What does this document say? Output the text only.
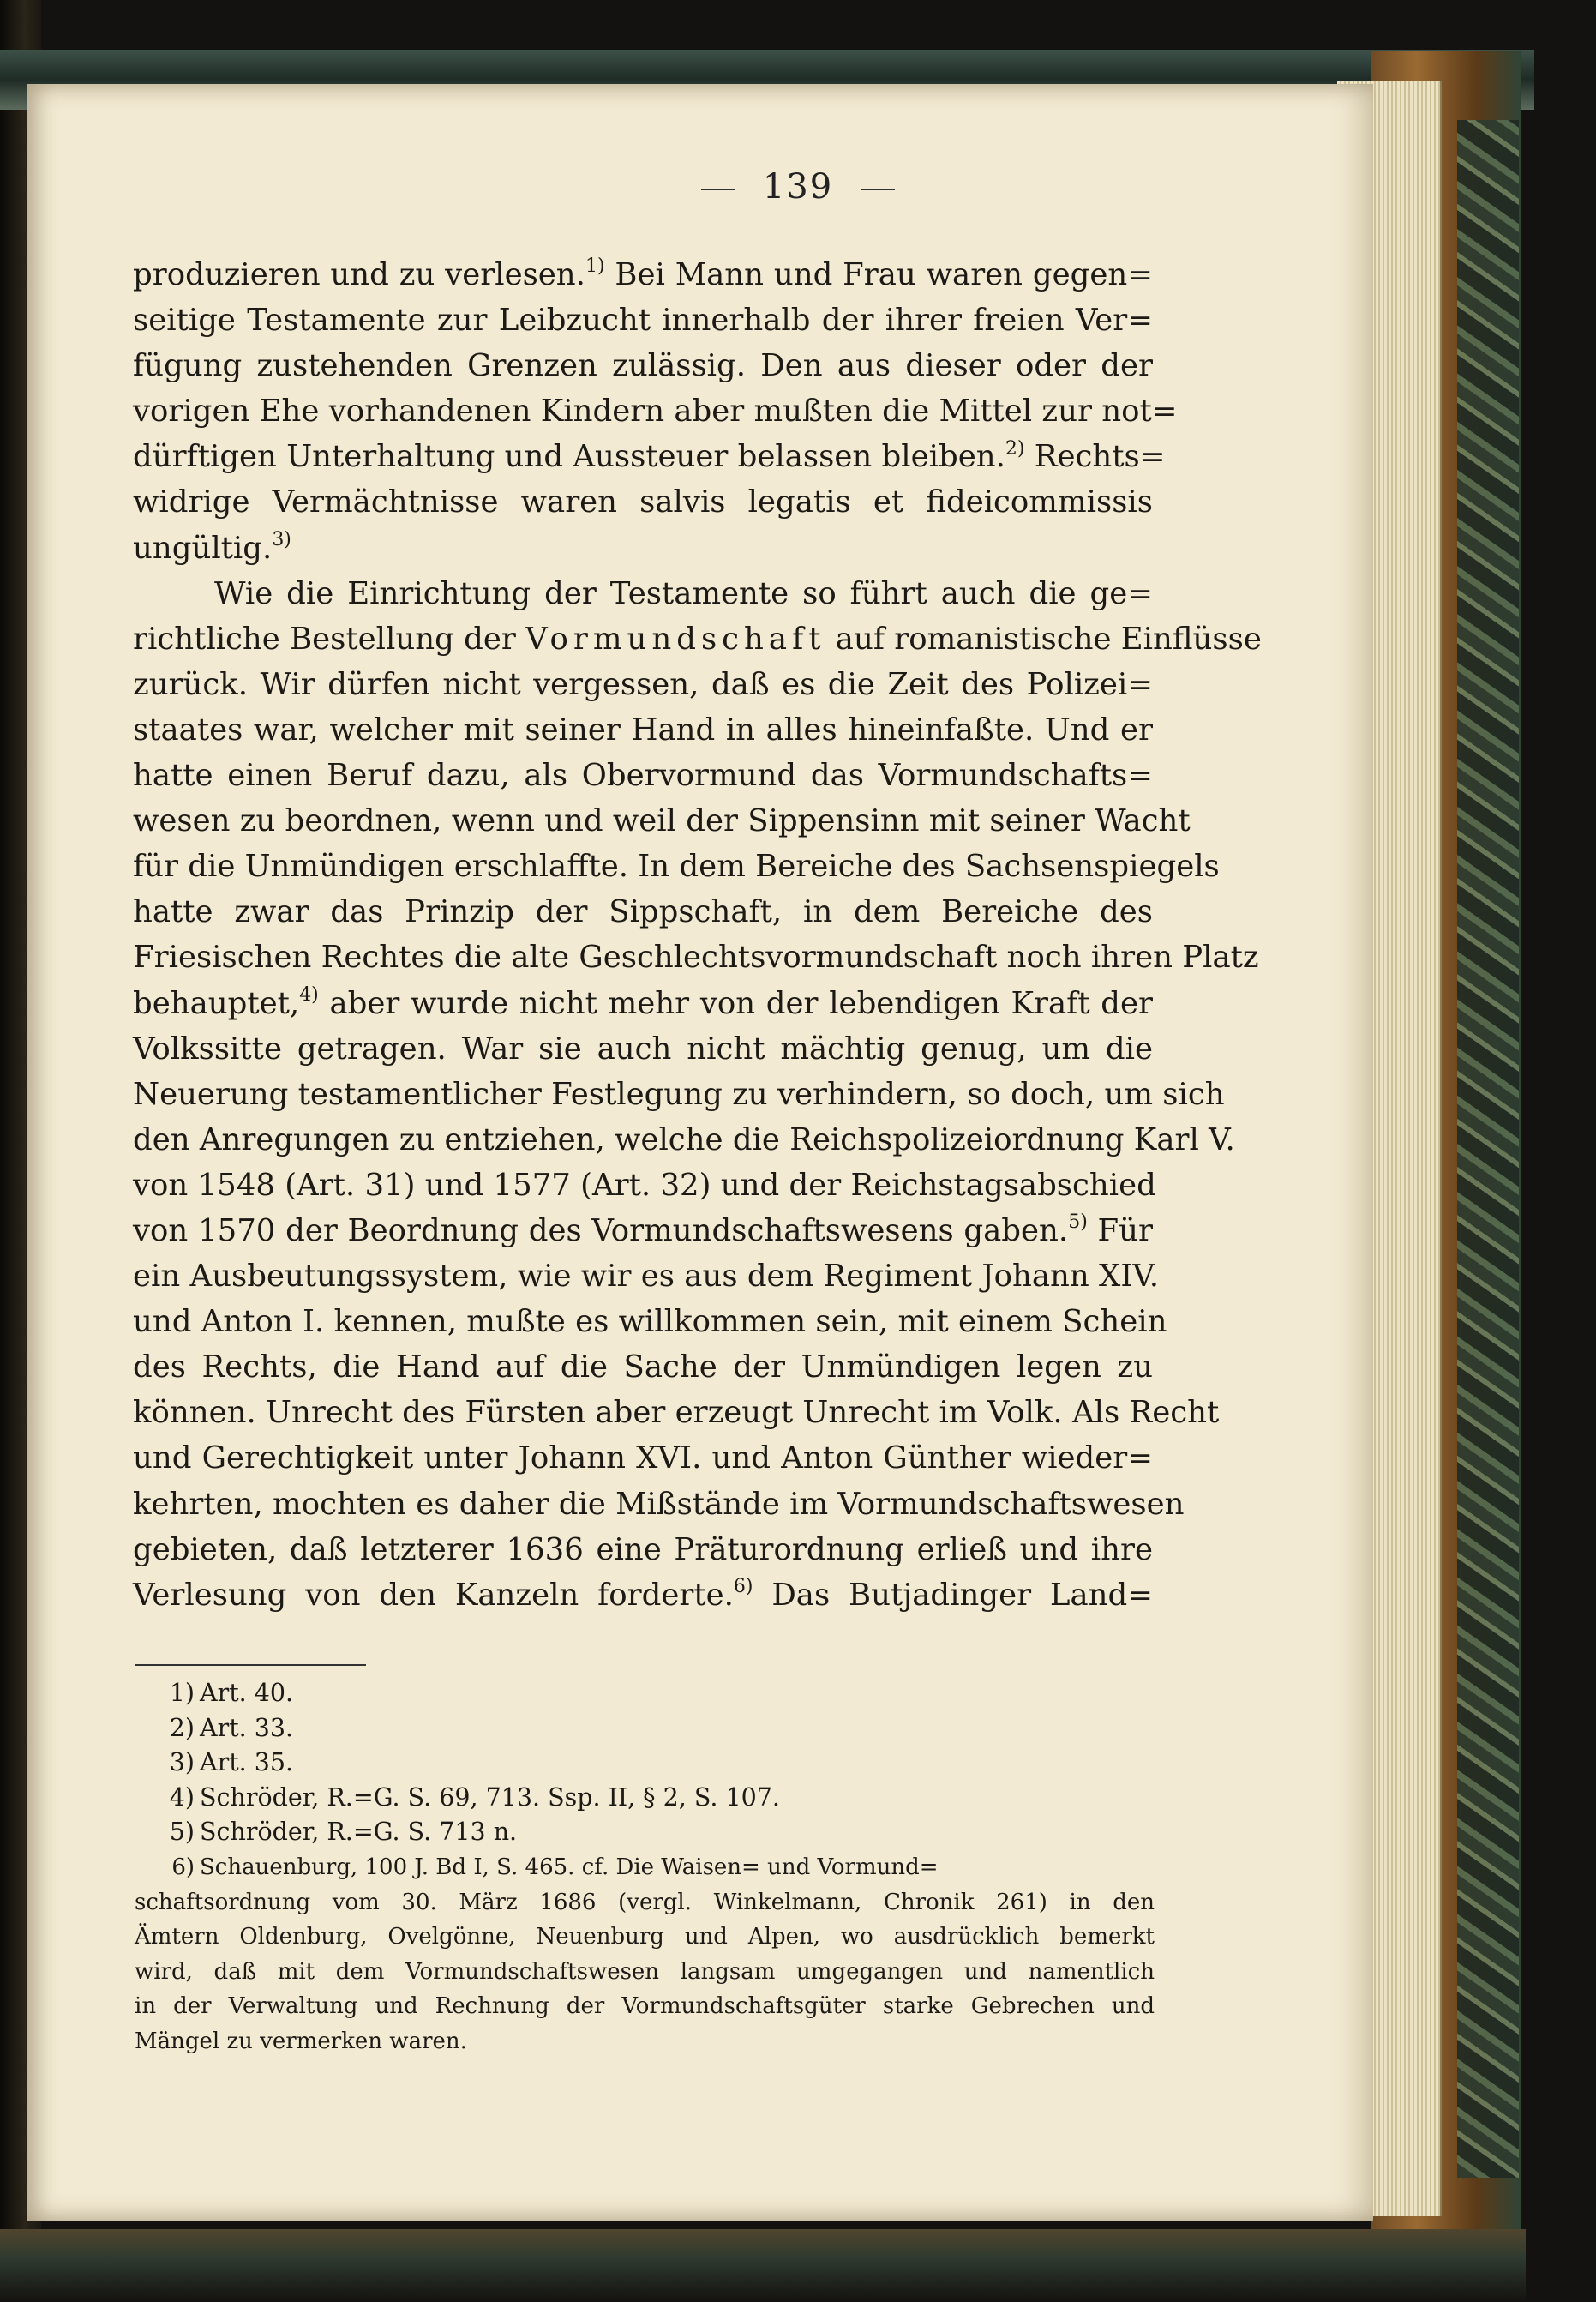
139
produzieren und zu verlesen.$^{1)}$ Bei Mann und Frau waren gegen=
seitige Testamente zur Leibzucht innerhalb der ihrer freien Ver=
fügung zustehenden Grenzen zulässig. Den aus dieser oder der
vorigen Ehe vorhandenen Kindern aber mußten die Mittel zur not=
dürftigen Unterhaltung und Aussteuer belassen bleiben.$^{2)}$ Rechts=
widrige Vermächtnisse waren salvis legatis et fideicommissis
ungültig.$^{3)}$
Wie die Einrichtung der Testamente so führt auch die ge=
richtliche Bestellung der Vormundschaft auf romanistische Einflüsse
zurück. Wir dürfen nicht vergessen, daß es die Zeit des Polizei=
staates war, welcher mit seiner Hand in alles hineinfaßte. Und er
hatte einen Beruf dazu, als Obervormund das Vormundschafts=
wesen zu beordnen, wenn und weil der Sippensinn mit seiner Wacht
für die Unmündigen erschlaffte. In dem Bereiche des Sachsenspiegels
hatte zwar das Prinzip der Sippschaft, in dem Bereiche des
Friesischen Rechtes die alte Geschlechtsvormundschaft noch ihren Platz
behauptet,$^{4)}$ aber wurde nicht mehr von der lebendigen Kraft der
Volkssitte getragen. War sie auch nicht mächtig genug, um die
Neuerung testamentlicher Festlegung zu verhindern, so doch, um sich
den Anregungen zu entziehen, welche die Reichspolizeiordnung Karl V.
von 1548 (Art. 31) und 1577 (Art. 32) und der Reichstagsabschied
von 1570 der Beordnung des Vormundschaftswesens gaben.$^{5)}$ Für
ein Ausbeutungssystem, wie wir es aus dem Regiment Johann XIV.
und Anton I. kennen, mußte es willkommen sein, mit einem Schein
des Rechts, die Hand auf die Sache der Unmündigen legen zu
können. Unrecht des Fürsten aber erzeugt Unrecht im Volk. Als Recht
und Gerechtigkeit unter Johann XVI. und Anton Günther wieder=
kehrten, mochten es daher die Mißstände im Vormundschaftswesen
gebieten, daß letzterer 1636 eine Präturordnung erließ und ihre
Verlesung von den Kanzeln forderte.$^{6)}$ Das Butjadinger Land=
1) Art. 40.
2) Art. 33.
3) Art. 35.
4) Schröder, R.=G. S. 69, 713. Ssp. II, § 2, S. 107.
5) Schröder, R.=G. S. 713 n.
6) Schauenburg, 100 J. Bd I, S. 465. cf. Die Waisen= und Vormund=
schaftsordnung vom 30. März 1686 (vergl. Winkelmann, Chronik 261) in den
Ämtern Oldenburg, Ovelgönne, Neuenburg und Alpen, wo ausdrücklich bemerkt
wird, daß mit dem Vormundschaftswesen langsam umgegangen und namentlich
in der Verwaltung und Rechnung der Vormundschaftsgüter starke Gebrechen und
Mängel zu vermerken waren.
